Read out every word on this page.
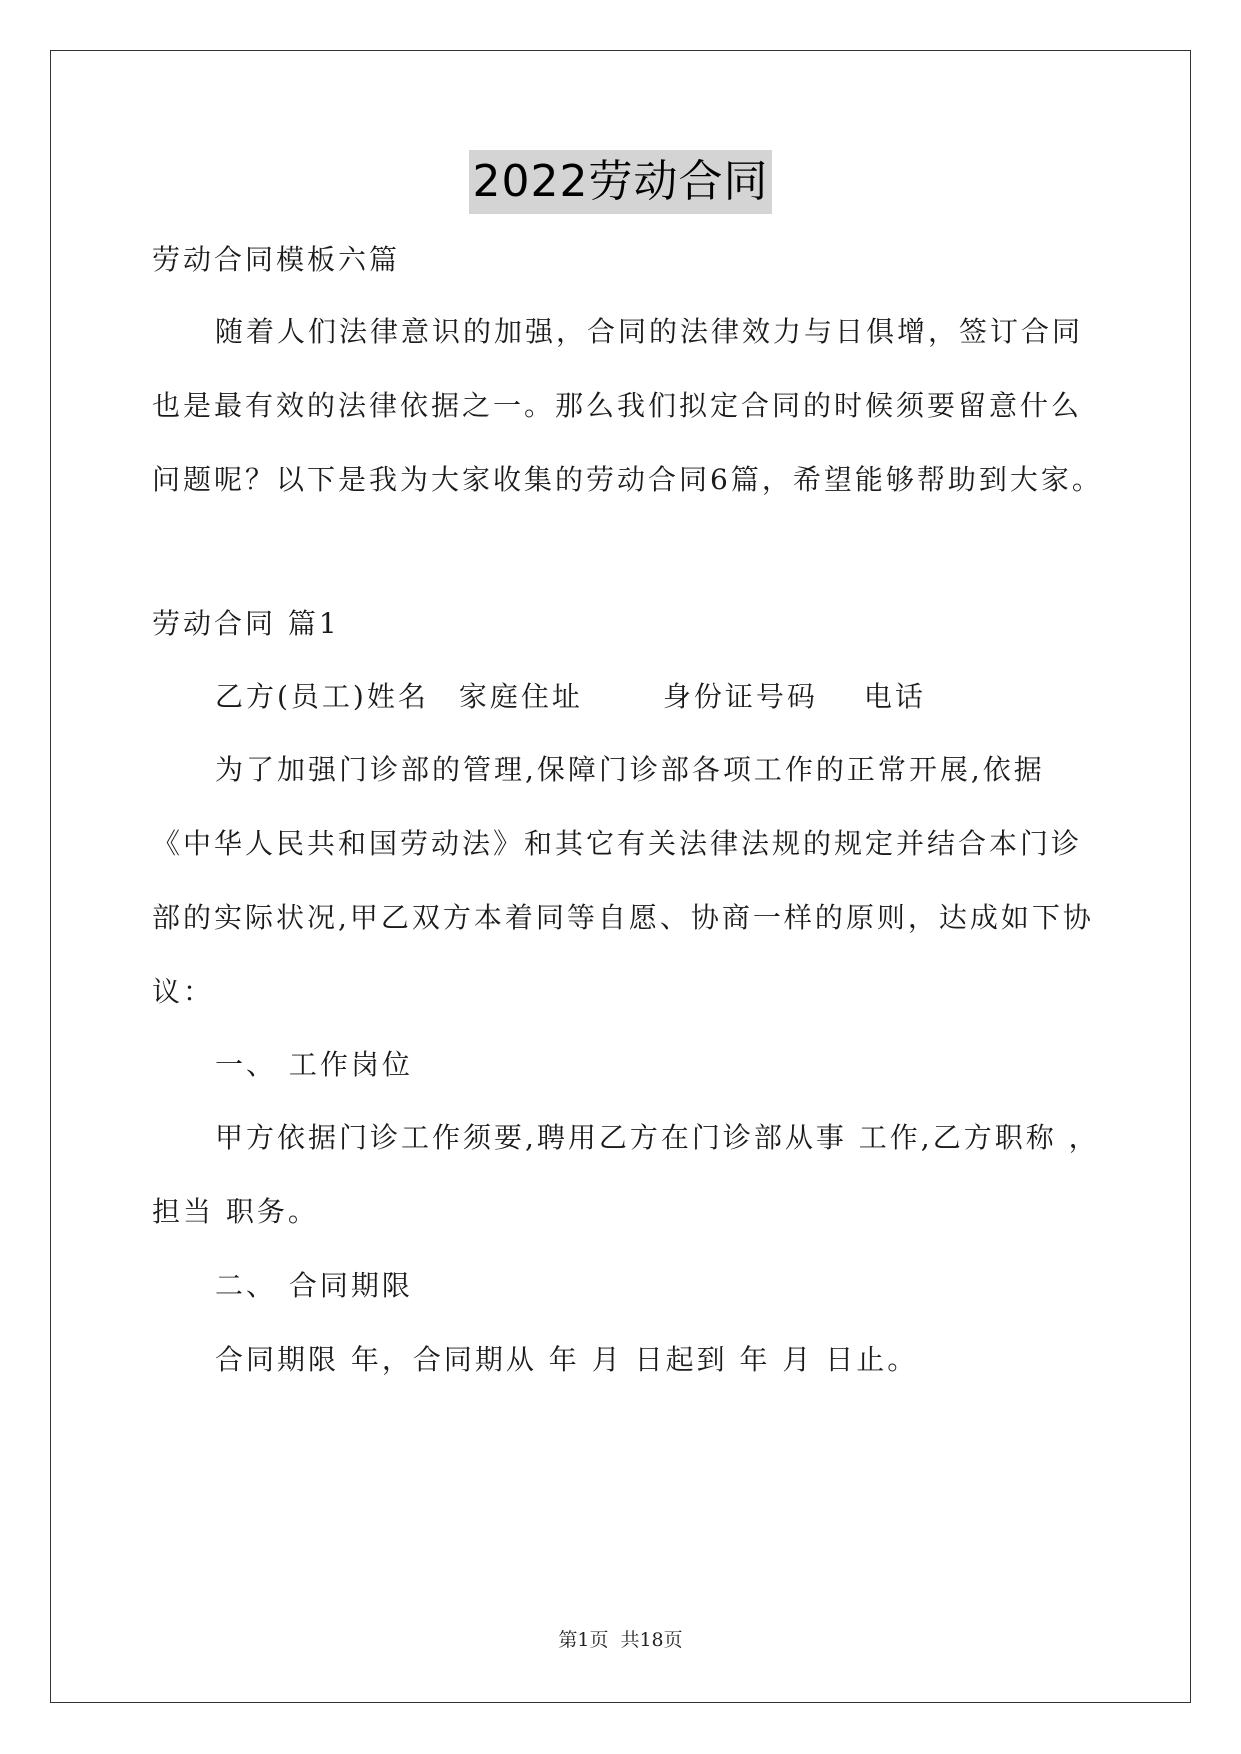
2022劳动合同
劳动合同模板六篇
随着人们法律意识的加强，合同的法律效力与日俱增，签订合同
也是最有效的法律依据之一。那么我们拟定合同的时候须要留意什么
问题呢？以下是我为大家收集的劳动合同6篇，希望能够帮助到大家。
劳动合同 篇1
乙方(员工)姓名 家庭住址	身份证号码 电话
为了加强门诊部的管理,保障门诊部各项工作的正常开展,依据
《中华人民共和国劳动法》和其它有关法律法规的规定并结合本门诊
部的实际状况,甲乙双方本着同等自愿、协商一样的原则，达成如下协
议：
一、 工作岗位
甲方依据门诊工作须要,聘用乙方在门诊部从事 工作,乙方职称 ，
担当 职务。
二、 合同期限
合同期限 年，合同期从 年 月 日起到 年 月 日止。
第1页 共18页
